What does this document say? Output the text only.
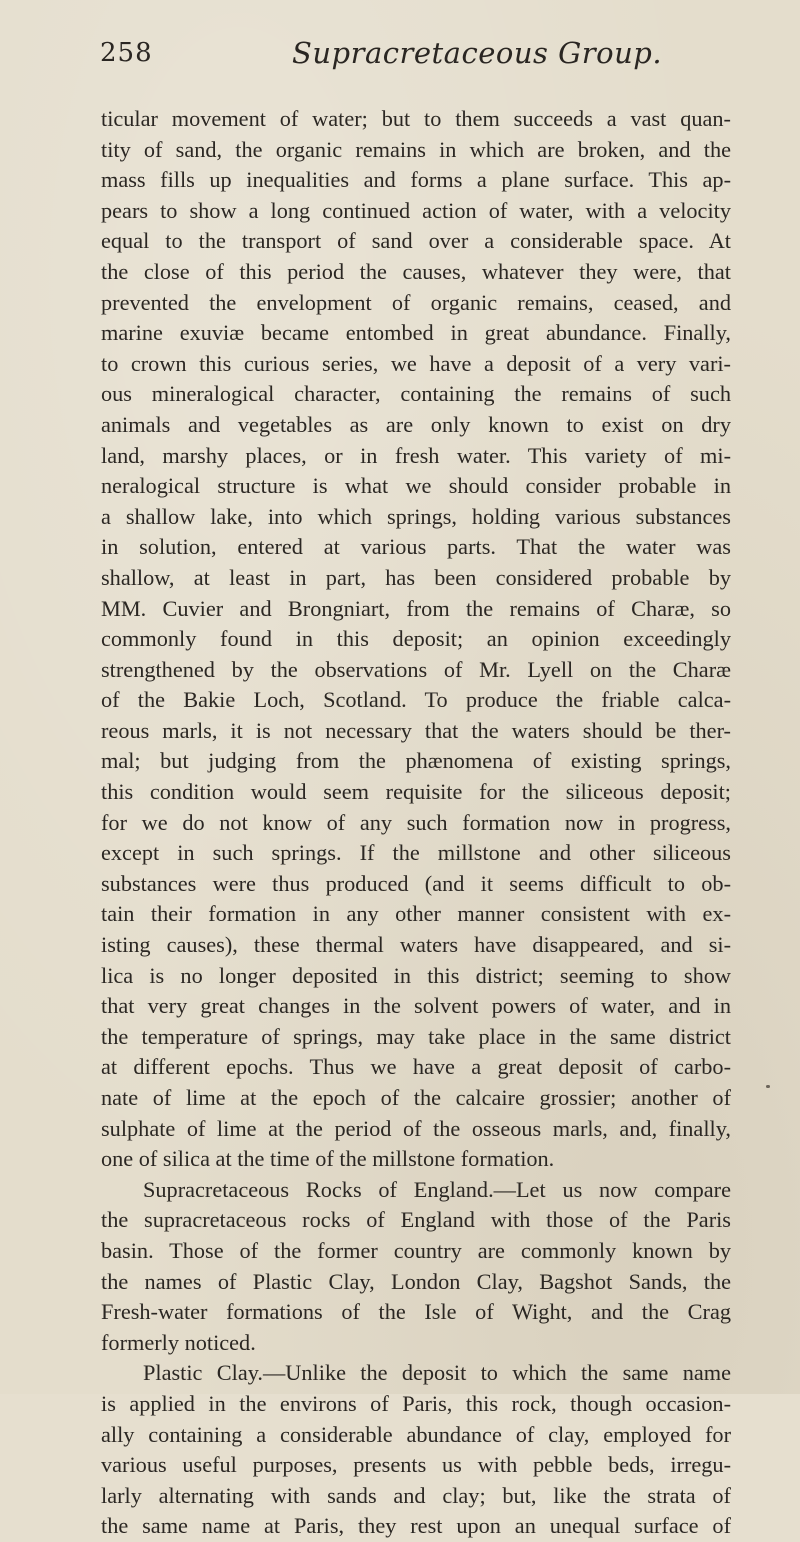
258	Supracretaceous Group.
ticular movement of water; but to them succeeds a vast quan-
tity of sand, the organic remains in which are broken, and the
mass fills up inequalities and forms a plane surface. This ap-
pears to show a long continued action of water, with a velocity
equal to the transport of sand over a considerable space. At
the close of this period the causes, whatever they were, that
prevented the envelopment of organic remains, ceased, and
marine exuviæ became entombed in great abundance. Finally,
to crown this curious series, we have a deposit of a very vari-
ous mineralogical character, containing the remains of such
animals and vegetables as are only known to exist on dry
land, marshy places, or in fresh water. This variety of mi-
neralogical structure is what we should consider probable in
a shallow lake, into which springs, holding various substances
in solution, entered at various parts. That the water was
shallow, at least in part, has been considered probable by
MM. Cuvier and Brongniart, from the remains of Charæ, so
commonly found in this deposit; an opinion exceedingly
strengthened by the observations of Mr. Lyell on the Charæ
of the Bakie Loch, Scotland. To produce the friable calca-
reous marls, it is not necessary that the waters should be ther-
mal; but judging from the phænomena of existing springs,
this condition would seem requisite for the siliceous deposit;
for we do not know of any such formation now in progress,
except in such springs. If the millstone and other siliceous
substances were thus produced (and it seems difficult to ob-
tain their formation in any other manner consistent with ex-
isting causes), these thermal waters have disappeared, and si-
lica is no longer deposited in this district; seeming to show
that very great changes in the solvent powers of water, and in
the temperature of springs, may take place in the same district
at different epochs. Thus we have a great deposit of carbo-
nate of lime at the epoch of the calcaire grossier; another of
sulphate of lime at the period of the osseous marls, and, finally,
one of silica at the time of the millstone formation.
Supracretaceous Rocks of England.—Let us now compare
the supracretaceous rocks of England with those of the Paris
basin. Those of the former country are commonly known by
the names of Plastic Clay, London Clay, Bagshot Sands, the
Fresh-water formations of the Isle of Wight, and the Crag
formerly noticed.
Plastic Clay.—Unlike the deposit to which the same name
is applied in the environs of Paris, this rock, though occasion-
ally containing a considerable abundance of clay, employed for
various useful purposes, presents us with pebble beds, irregu-
larly alternating with sands and clay; but, like the strata of
the same name at Paris, they rest upon an unequal surface of
